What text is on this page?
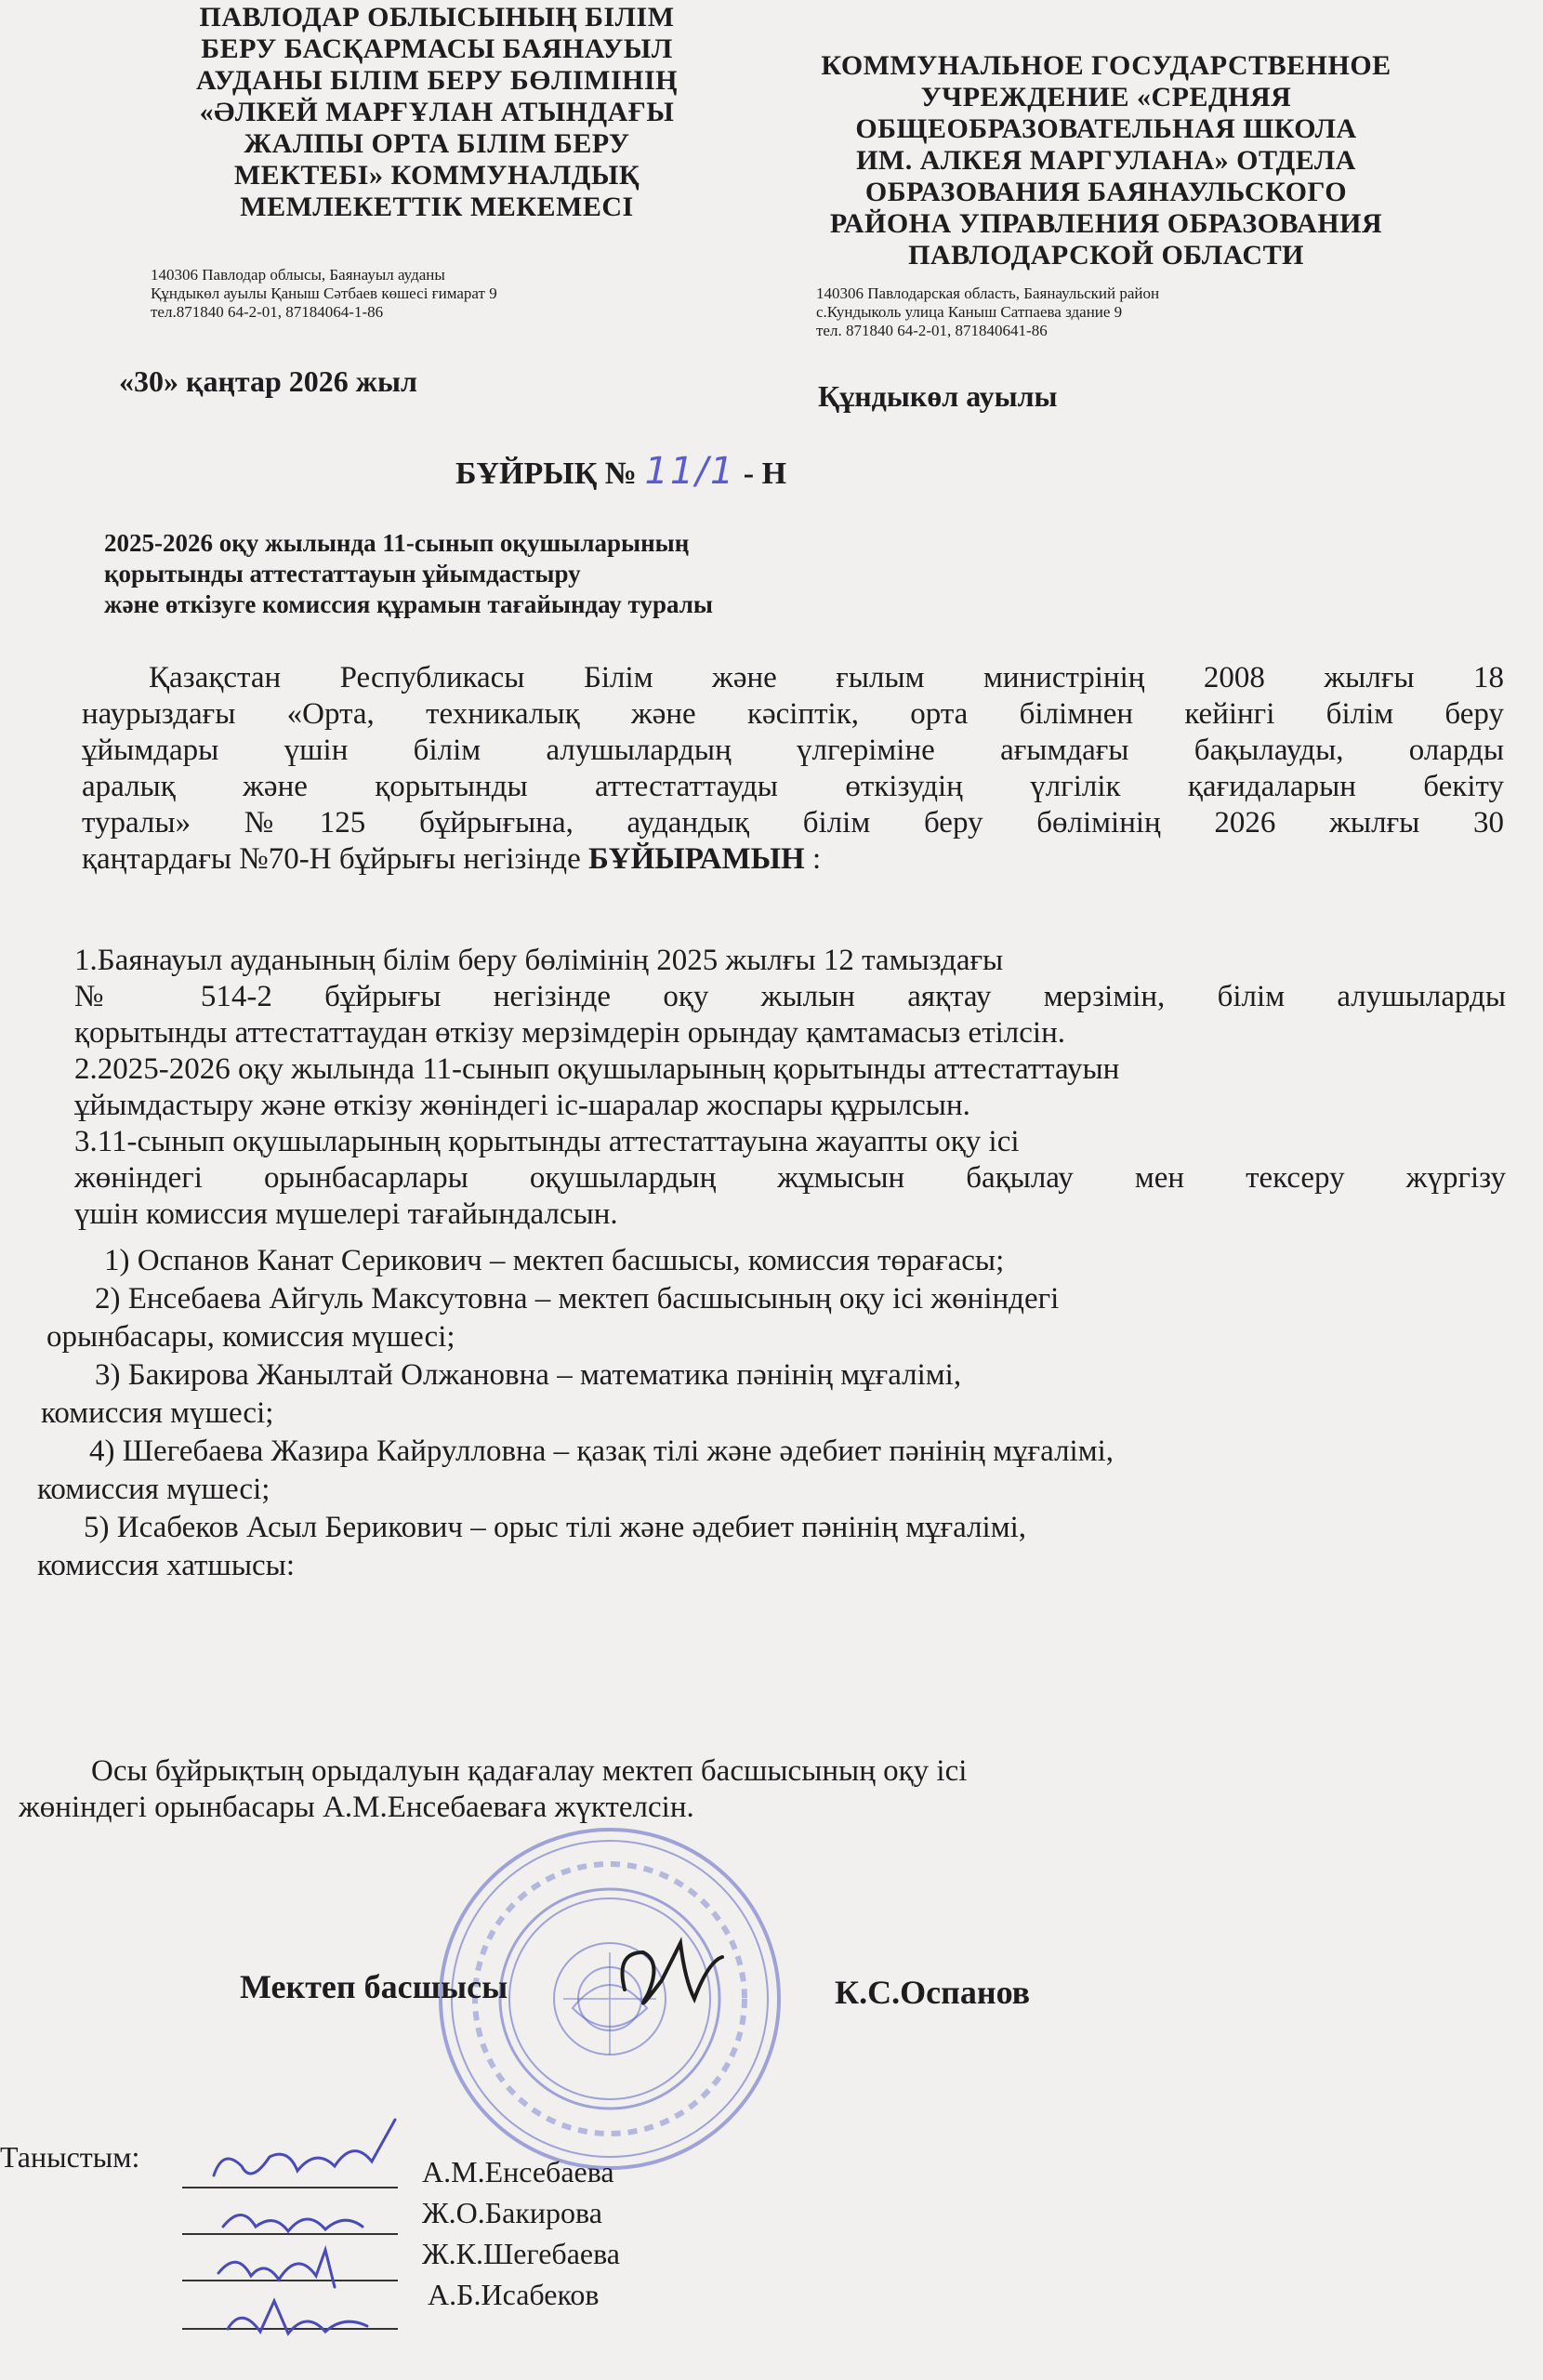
ПАВЛОДАР ОБЛЫСЫНЫҢ БІЛІМ
БЕРУ БАСҚАРМАСЫ БАЯНАУЫЛ
АУДАНЫ БІЛІМ БЕРУ БӨЛІМІНІҢ
«ӘЛКЕЙ МАРҒҰЛАН АТЫНДАҒЫ
ЖАЛПЫ ОРТА БІЛІМ БЕРУ
МЕКТЕБІ» КОММУНАЛДЫҚ
МЕМЛЕКЕТТІК МЕКЕМЕСІ
140306 Павлодар облысы, Баянауыл ауданы
Құндыкөл ауылы Қаныш Сәтбаев көшесі ғимарат 9
тел.871840 64-2-01, 87184064-1-86
КОММУНАЛЬНОЕ ГОСУДАРСТВЕННОЕ
УЧРЕЖДЕНИЕ «СРЕДНЯЯ
ОБЩЕОБРАЗОВАТЕЛЬНАЯ ШКОЛА
ИМ. АЛКЕЯ МАРГУЛАНА» ОТДЕЛА
ОБРАЗОВАНИЯ БАЯНАУЛЬСКОГО
РАЙОНА УПРАВЛЕНИЯ ОБРАЗОВАНИЯ
ПАВЛОДАРСКОЙ ОБЛАСТИ
140306 Павлодарская область, Баянаульский район
с.Кундыколь улица Каныш Сатпаева здание 9
тел. 871840 64-2-01, 871840641-86
«30» қаңтар 2026 жыл	Құндыкөл ауылы
БҰЙРЫҚ № 11/1 - Н
2025-2026 оқу жылында 11-сынып оқушыларының
қорытынды аттестаттауын ұйымдастыру
және өткізуге комиссия құрамын тағайындау туралы
Қазақстан Республикасы Білім және ғылым министрінің 2008 жылғы 18
наурыздағы «Орта, техникалық және кәсіптік, орта білімнен кейінгі білім беру
ұйымдары үшін білім алушылардың үлгеріміне ағымдағы бақылауды, оларды
аралық және қорытынды аттестаттауды өткізудің үлгілік қағидаларын бекіту
туралы» №125 бұйрығына, аудандық білім беру бөлімінің 2026 жылғы 30
қаңтардағы №70-Н бұйрығы негізінде БҰЙЫРАМЫН :
1.Баянауыл ауданының білім беру бөлімінің 2025 жылғы 12 тамыздағы
№ 514-2 бұйрығы негізінде оқу жылын аяқтау мерзімін, білім алушыларды
қорытынды аттестаттаудан өткізу мерзімдерін орындау қамтамасыз етілсін.
2.2025-2026 оқу жылында 11-сынып оқушыларының қорытынды аттестаттауын
ұйымдастыру және өткізу жөніндегі іс-шаралар жоспары құрылсын.
3.11-сынып оқушыларының қорытынды аттестаттауына жауапты оқу ісі
жөніндегі орынбасарлары оқушылардың жұмысын бақылау мен тексеру жүргізу
үшін комиссия мүшелері тағайындалсын.
1) Оспанов Канат Серикович – мектеп басшысы, комиссия төрағасы;
2) Енсебаева Айгуль Максутовна – мектеп басшысының оқу ісі жөніндегі
орынбасары, комиссия мүшесі;
3) Бакирова Жанылтай Олжановна – математика пәнінің мұғалімі,
комиссия мүшесі;
4) Шегебаева Жазира Кайрулловна – қазақ тілі және әдебиет пәнінің мұғалімі,
комиссия мүшесі;
5) Исабеков Асыл Берикович – орыс тілі және әдебиет пәнінің мұғалімі,
комиссия хатшысы:
Осы бұйрықтың орыдалуын қадағалау мектеп басшысының оқу ісі
жөніндегі орынбасары А.М.Енсебаеваға жүктелсін.
Мектеп басшысы	К.С.Оспанов
Таныстым:	А.М.Енсебаева
Ж.О.Бакирова
Ж.К.Шегебаева
А.Б.Исабеков
